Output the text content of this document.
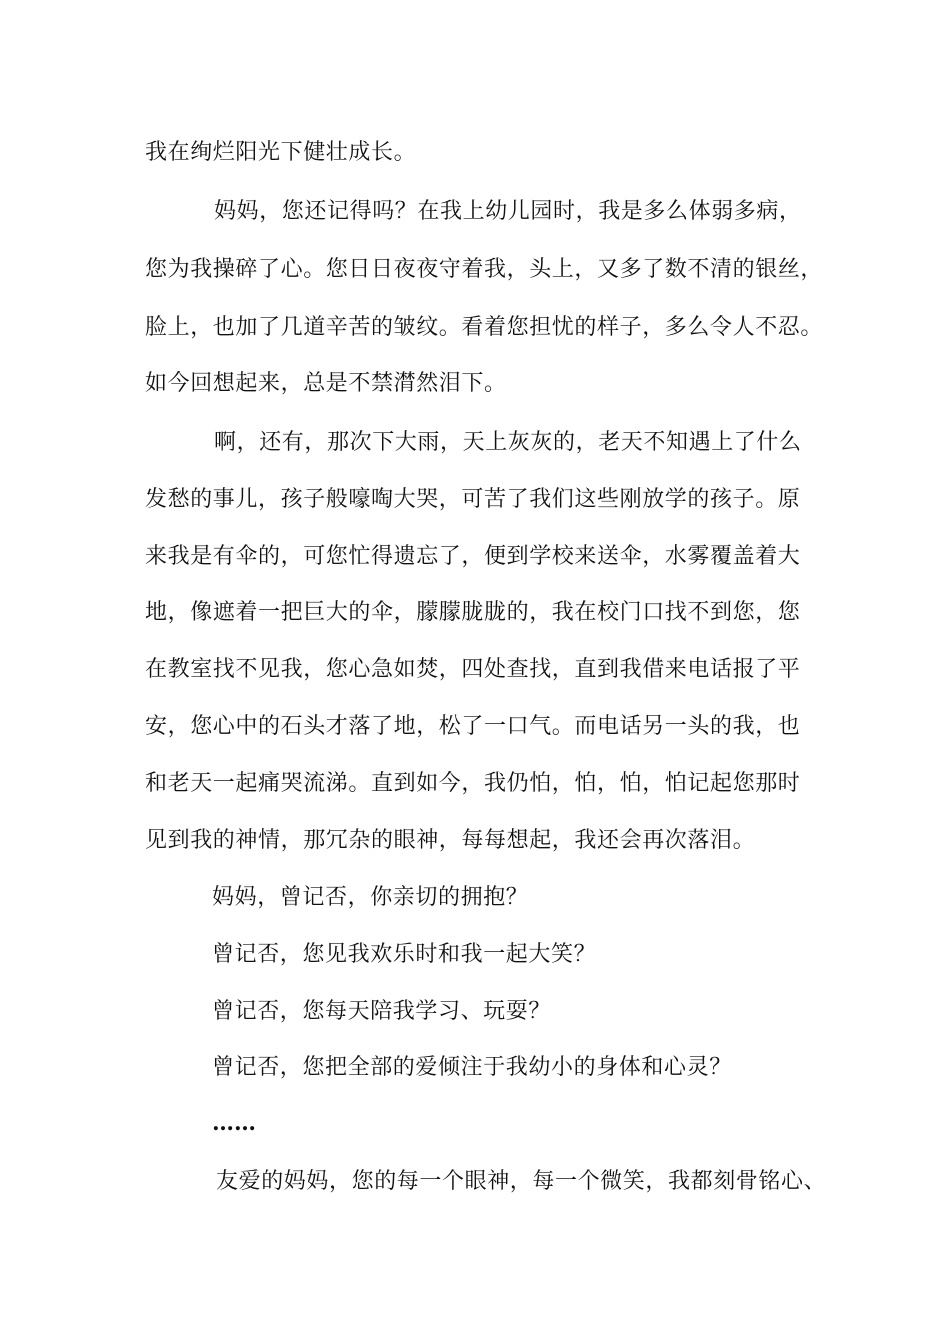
我在绚烂阳光下健壮成长。
妈妈，您还记得吗？在我上幼儿园时，我是多么体弱多病，
您为我操碎了心。您日日夜夜守着我，头上，又多了数不清的银丝，
脸上，也加了几道辛苦的皱纹。看着您担忧的样子，多么令人不忍。
如今回想起来，总是不禁潸然泪下。
啊，还有，那次下大雨，天上灰灰的，老天不知遇上了什么
发愁的事儿，孩子般嚎啕大哭，可苦了我们这些刚放学的孩子。原
来我是有伞的，可您忙得遗忘了，便到学校来送伞，水雾覆盖着大
地，像遮着一把巨大的伞，朦朦胧胧的，我在校门口找不到您，您
在教室找不见我，您心急如焚，四处查找，直到我借来电话报了平
安，您心中的石头才落了地，松了一口气。而电话另一头的我，也
和老天一起痛哭流涕。直到如今，我仍怕，怕，怕，怕记起您那时
见到我的神情，那冗杂的眼神，每每想起，我还会再次落泪。
妈妈，曾记否，你亲切的拥抱？
曾记否，您见我欢乐时和我一起大笑？
曾记否，您每天陪我学习、玩耍？
曾记否，您把全部的爱倾注于我幼小的身体和心灵？
……
友爱的妈妈，您的每一个眼神，每一个微笑，我都刻骨铭心、
